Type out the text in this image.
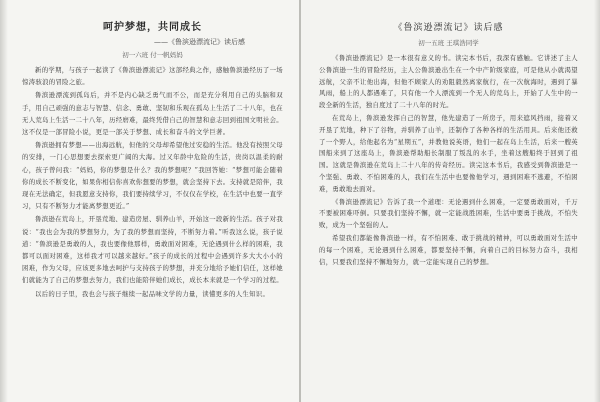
呵护梦想，共同成长
——《鲁滨逊漂流记》读后感
初一六班 付一帆妈妈

新的学期，与孩子一起读了《鲁滨逊漂流记》这部经典之作，感触鲁滨逊经历了一场惊涛骇浪的冒险之旅。

鲁滨逊漂流到孤岛后，并不是内心缺乏勇气而不公，而是充分利用自己的头脑和双手，用自己顽强的意志与智慧、信念、勇敢、坚韧和乐观在孤岛上生活了二十八年，也在无人荒岛上生活一二十八年，历经磨难，最终凭借自己的智慧和意志回到祖国文明社会。这不仅是一部冒险小说，更是一部关于梦想、成长和奋斗的文学巨著。

鲁滨逊拥有梦想——出海远航，但他的父母却希望他过安稳的生活。他没有按照父母的安排，一门心思想要去探索更广阔的大海。过又年龄中危险的生活，贵岗以温柔的耐心，孩子曾问我：“妈妈，你的梦想是什么？我的梦想呢？”我回答她：“梦想可能会随着你的成长不断变化，如果你相信你喜欢你想要的梦想，就会坚持下去。支持就是陪伴，我现在无法确定，但我愿意支持你，我们要持续学习，不仅仅在学校，在生活中也要一直学习，只有不断努力才能离梦想更近。”

鲁滨逊在荒岛上，开垦荒地、建造房屋、驯养山羊，开始这一段新的生活。孩子对我说：“我也会为我的梦想努力，为了我的梦想而坚持，不断努力着。”听我这么说，孩子说道：“鲁滨逊是勇敢的人，我也要像他那样，勇敢面对困难，无论遇到什么样的困难，我都可以面对困难，这样我才可以越来越好。”孩子的成长的过程中会遇到许多大大小小的困难，作为父母，应该更多地去呵护与支持孩子的梦想，并充分地给予她们信任，这样她们就能为了自己的梦想去努力，我们也能陪伴她们成长，成长本来就是一个学习的过程。

以后的日子里，我也会与孩子继续一起品味文学的力量，读懂更多的人生知识。

《鲁滨逊漂流记》读后感
初一五班 王琪浩同学

《鲁滨逊漂流记》是一本很有意义的书。读完本书后，我深有感触。它讲述了主人公鲁滨逊一生的冒险经历，主人公鲁滨逊出生在一个中产阶级家庭，可是他从小就渴望远航，父亲不让他出海，但他不顾家人的劝阻毅然离家航行，在一次航海时，遇到了暴风雨，船上的人都遇难了，只有他一个人漂流到一个无人的荒岛上，开始了人生中的一段全新的生活，独自度过了二十八年的时光。

在荒岛上，鲁滨逊发挥自己的智慧，他先建造了一所房子，用来遮风挡雨，接着又开垦了荒地，种下了谷物，并驯养了山羊，还制作了各种各样的生活用具。后来他还救了一个野人，给他起名为“星期五”，并教他说英语，他们一起在岛上生活，后来一艘英国船来到了这座岛上，鲁滨逊帮助船长制服了叛乱的水手，坐着这艘船终于回到了祖国。这就是鲁滨逊在荒岛上二十八年的传奇经历。读完这本书后，我感受到鲁滨逊是一个坚强、勇敢、不怕困难的人，我们在生活中也要像他学习，遇到困难不逃避，不怕困难，勇敢地去面对。

《鲁滨逊漂流记》告诉了我一个道理：无论遇到什么困难，一定要勇敢面对，千万不要被困难吓倒。只要我们坚持不懈，就一定能战胜困难，生活中要勇于挑战，不怕失败，成为一个坚强的人。

希望我们都能像鲁滨逊一样，有不怕困难、敢于挑战的精神，可以勇敢面对生活中的每一个困难，无论遇到什么困难，都要坚持不懈，向着自己的目标努力奋斗，我相信，只要我们坚持不懈地努力，就一定能实现自己的梦想。
